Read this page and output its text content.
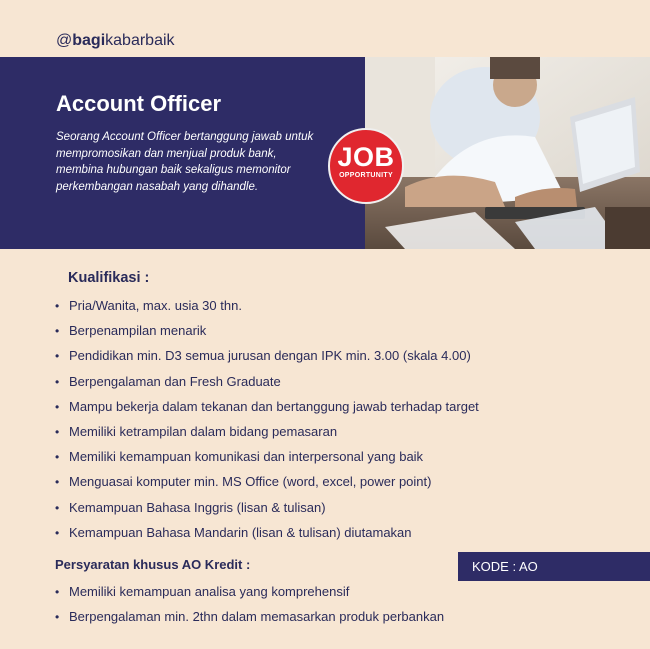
@bagikabarbaik
Account Officer
Seorang Account Officer bertanggung jawab untuk mempromosikan dan menjual produk bank, membina hubungan baik sekaligus memonitor perkembangan nasabah yang dihandle.
JOB
OPPORTUNITY
Kualifikasi :
• Pria/Wanita, max. usia 30 thn.
• Berpenampilan menarik
• Pendidikan min. D3 semua jurusan dengan IPK min. 3.00 (skala 4.00)
• Berpengalaman dan Fresh Graduate
• Mampu bekerja dalam tekanan dan bertanggung jawab terhadap target
• Memiliki ketrampilan dalam bidang pemasaran
• Memiliki kemampuan komunikasi dan interpersonal yang baik
• Menguasai komputer min. MS Office (word, excel, power point)
• Kemampuan Bahasa Inggris (lisan & tulisan)
• Kemampuan Bahasa Mandarin (lisan & tulisan) diutamakan
Persyaratan khusus AO Kredit :	KODE : AO
• Memiliki kemampuan analisa yang komprehensif
• Berpengalaman min. 2thn dalam memasarkan produk perbankan
